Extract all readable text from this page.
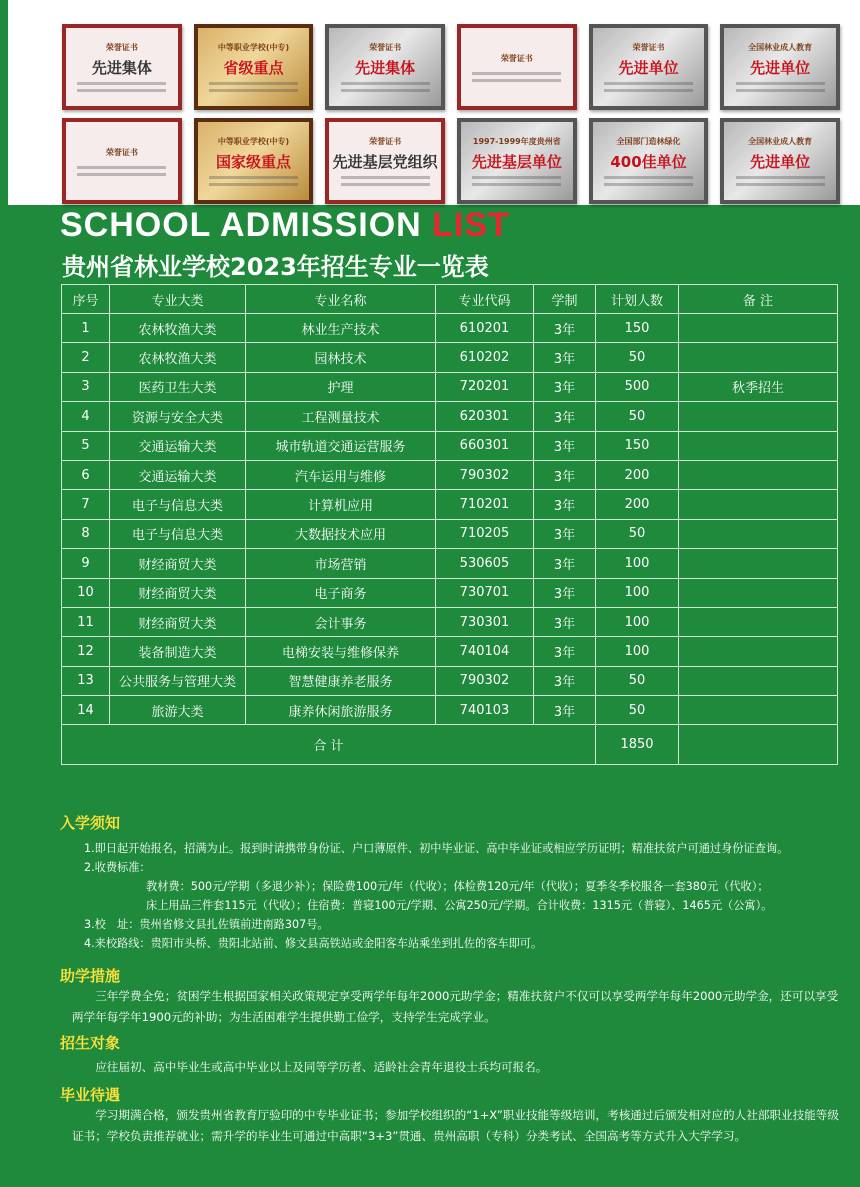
荣誉证书
先进集体
中等职业学校(中专)
省级重点
荣誉证书
先进集体
荣誉证书
荣誉证书
先进单位
全国林业成人教育
先进单位
荣誉证书
中等职业学校(中专)
国家级重点
荣誉证书
先进基层党组织
1997-1999年度贵州省
先进基层单位
全国部门造林绿化
400佳单位
全国林业成人教育
先进单位
SCHOOL ADMISSION LIST
贵州省林业学校2023年招生专业一览表
序号	专业大类	专业名称	专业代码	学制	计划人数	备 注
1	农林牧渔大类	林业生产技术	610201	3年	150	
2	农林牧渔大类	园林技术	610202	3年	50	
3	医药卫生大类	护理	720201	3年	500	秋季招生
4	资源与安全大类	工程测量技术	620301	3年	50	
5	交通运输大类	城市轨道交通运营服务	660301	3年	150	
6	交通运输大类	汽车运用与维修	790302	3年	200	
7	电子与信息大类	计算机应用	710201	3年	200	
8	电子与信息大类	大数据技术应用	710205	3年	50	
9	财经商贸大类	市场营销	530605	3年	100	
10	财经商贸大类	电子商务	730701	3年	100	
11	财经商贸大类	会计事务	730301	3年	100	
12	装备制造大类	电梯安装与维修保养	740104	3年	100	
13	公共服务与管理大类	智慧健康养老服务	790302	3年	50	
14	旅游大类	康养休闲旅游服务	740103	3年	50	
合 计					1850	
入学须知
1.即日起开始报名，招满为止。报到时请携带身份证、户口薄原件、初中毕业证、高中毕业证或相应学历证明；精准扶贫户可通过身份证查询。
2.收费标准：
教材费：500元/学期（多退少补）；保险费100元/年（代收）；体检费120元/年（代收）；夏季冬季校服各一套380元（代收）；
床上用品三件套115元（代收）；住宿费：普寝100元/学期、公寓250元/学期。合计收费：1315元（普寝）、1465元（公寓）。
3.校　址：贵州省修文县扎佐镇前进南路307号。
4.来校路线：贵阳市头桥、贵阳北站前、修文县高铁站或金阳客车站乘坐到扎佐的客车即可。
助学措施
三年学费全免；贫困学生根据国家相关政策规定享受两学年每年2000元助学金；精准扶贫户不仅可以享受两学年每年2000元助学金，还可以享受两学年每学年1900元的补助；为生活困难学生提供勤工俭学，支持学生完成学业。
招生对象
应往届初、高中毕业生或高中毕业以上及同等学历者、适龄社会青年退役士兵均可报名。
毕业待遇
学习期满合格，颁发贵州省教育厅验印的中专毕业证书；参加学校组织的“1+X”职业技能等级培训，考核通过后颁发相对应的人社部职业技能等级证书；学校负责推荐就业；需升学的毕业生可通过中高职“3+3”贯通、贵州高职（专科）分类考试、全国高考等方式升入大学学习。
